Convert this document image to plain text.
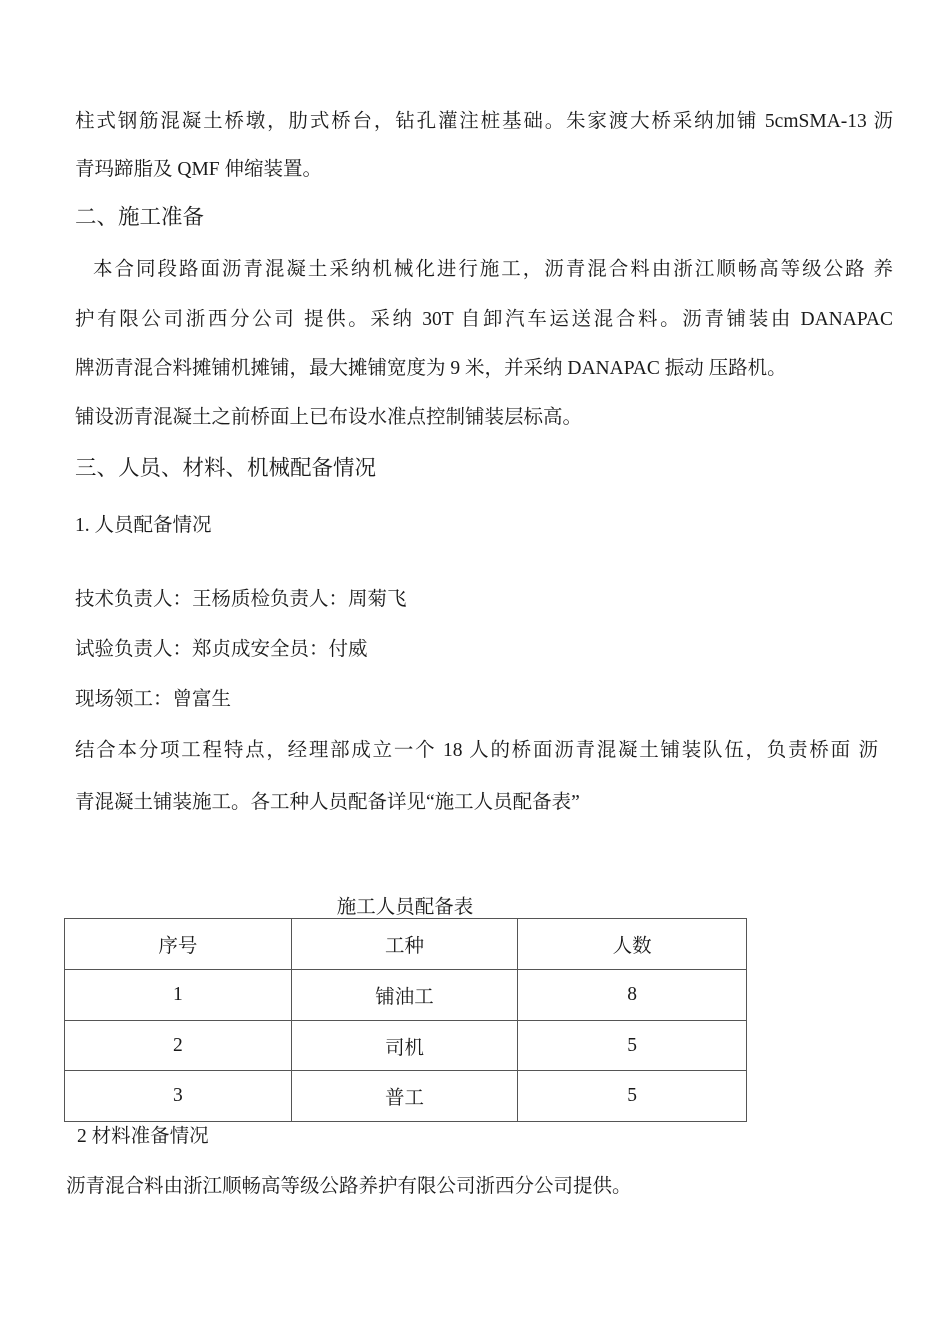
柱式钢筋混凝土桥墩，肋式桥台，钻孔灌注桩基础。朱家渡大桥采纳加铺 5cmSMA-13 沥
青玛蹄脂及 QMF 伸缩装置。
二、施工准备
本合同段路面沥青混凝土采纳机械化进行施工，沥青混合料由浙江顺畅高等级公路 养
护有限公司浙西分公司 提供。采纳 30T 自卸汽车运送混合料。沥青铺装由 DANAPAC
牌沥青混合料摊铺机摊铺，最大摊铺宽度为 9 米，并采纳 DANAPAC 振动 压路机。
铺设沥青混凝土之前桥面上已布设水准点控制铺装层标高。
三、人员、材料、机械配备情况
1. 人员配备情况
技术负责人：王杨质检负责人：周菊飞
试验负责人：郑贞成安全员：付威
现场领工：曾富生
结合本分项工程特点，经理部成立一个 18 人的桥面沥青混凝土铺装队伍，负责桥面 沥
青混凝土铺装施工。各工种人员配备详见“施工人员配备表”
施工人员配备表
序号	工种	人数
1	铺油工	8
2	司机	5
3	普工	5
2 材料准备情况
沥青混合料由浙江顺畅高等级公路养护有限公司浙西分公司提供。
